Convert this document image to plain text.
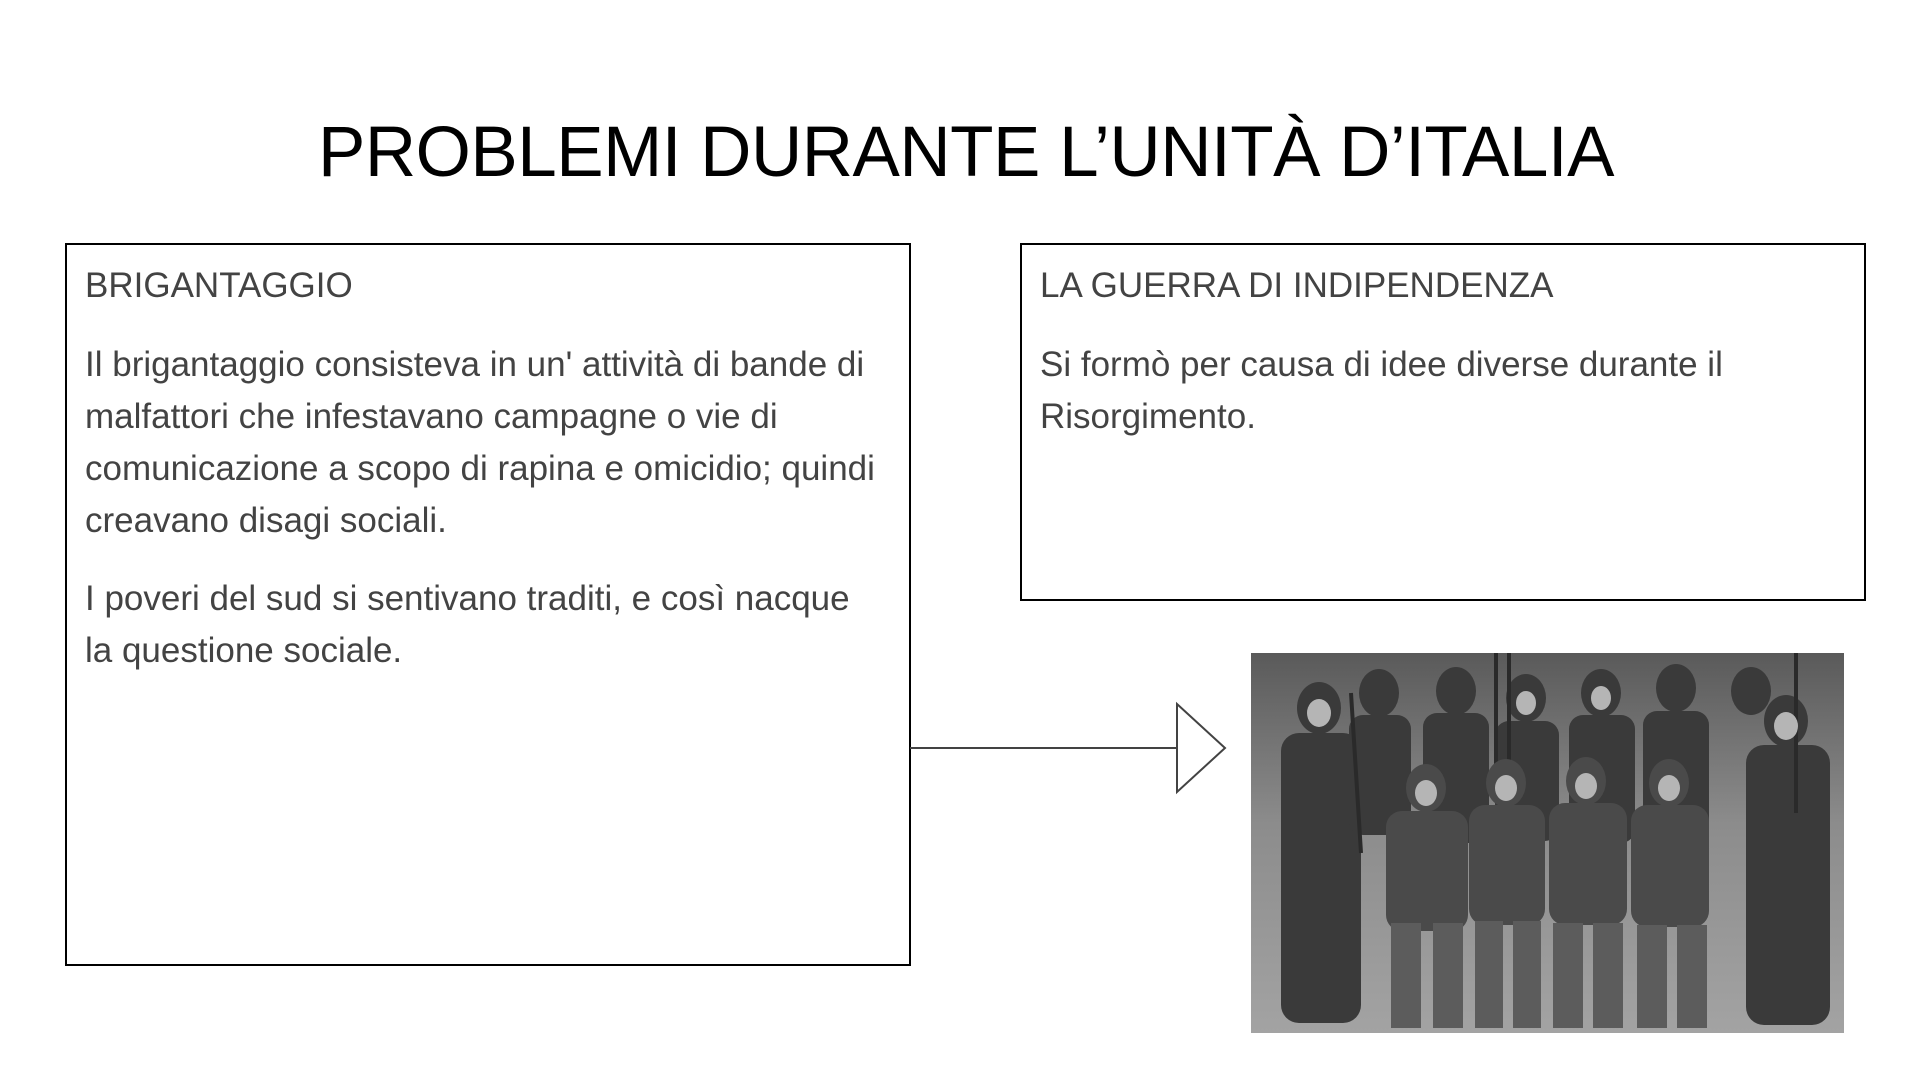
PROBLEMI DURANTE L’UNITÀ D’ITALIA
BRIGANTAGGIO
Il brigantaggio consisteva in un' attività di bande di malfattori che infestavano campagne o vie di comunicazione a scopo di rapina e omicidio; quindi creavano disagi sociali.
I poveri del sud si sentivano traditi, e così nacque la questione sociale.
LA GUERRA DI INDIPENDENZA
Si formò per causa di idee diverse durante il Risorgimento.
